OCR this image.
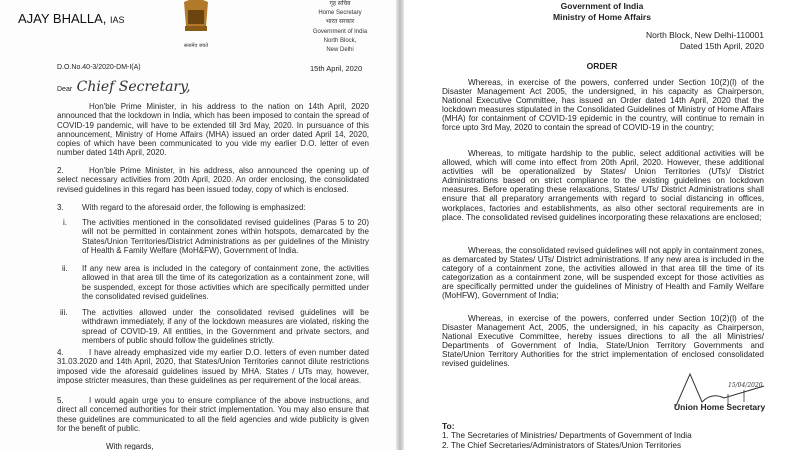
AJAY BHALLA, IAS
सत्यमेव जयते
गृह सचिव
Home Secretary
भारत सरकार
Government of India
North Block,
New Delhi
D.O.No.40-3/2020-DM-I(A)	15th April, 2020
Dear Chief Secretary,
Hon'ble Prime Minister, in his address to the nation on 14th April, 2020 announced that the lockdown in India, which has been imposed to contain the spread of COVID-19 pandemic, will have to be extended till 3rd May, 2020. In pursuance of this announcement, Ministry of Home Affairs (MHA) issued an order dated April 14, 2020, copies of which have been communicated to you vide my earlier D.O. letter of even number dated 14th April, 2020.
2.	Hon'ble Prime Minister, in his address, also announced the opening up of select necessary activities from 20th April, 2020. An order enclosing, the consolidated revised guidelines in this regard has been issued today, copy of which is enclosed.
3. With regard to the aforesaid order, the following is emphasized:
i. The activities mentioned in the consolidated revised guidelines (Paras 5 to 20) will not be permitted in containment zones within hotspots, demarcated by the States/Union Territories/District Administrations as per guidelines of the Ministry of Health & Family Welfare (MoH&FW), Government of India.
ii. If any new area is included in the category of containment zone, the activities allowed in that area till the time of its categorization as a containment zone, will be suspended, except for those activities which are specifically permitted under the consolidated revised guidelines.
iii. The activities allowed under the consolidated revised guidelines will be withdrawn immediately, if any of the lockdown measures are violated, risking the spread of COVID-19. All entities, in the Government and private sectors, and members of public should follow the guidelines strictly.
4.	I have already emphasized vide my earlier D.O. letters of even number dated 31.03.2020 and 14th April, 2020, that States/Union Territories cannot dilute restrictions imposed vide the aforesaid guidelines issued by MHA. States / UTs may, however, impose stricter measures, than these guidelines as per requirement of the local areas.
5.	I would again urge you to ensure compliance of the above instructions, and direct all concerned authorities for their strict implementation. You may also ensure that these guidelines are communicated to all the field agencies and wide publicity is given for the benefit of public.
With regards,
Government of India
Ministry of Home Affairs
North Block, New Delhi-110001
Dated 15th April, 2020
ORDER
Whereas, in exercise of the powers, conferred under Section 10(2)(l) of the Disaster Management Act 2005, the undersigned, in his capacity as Chairperson, National Executive Committee, has issued an Order dated 14th April, 2020 that the lockdown measures stipulated in the Consolidated Guidelines of Ministry of Home Affairs (MHA) for containment of COVID-19 epidemic in the country, will continue to remain in force upto 3rd May, 2020 to contain the spread of COVID-19 in the country;
Whereas, to mitigate hardship to the public, select additional activities will be allowed, which will come into effect from 20th April, 2020. However, these additional activities will be operationalized by States/ Union Territories (UTs)/ District Administrations based on strict compliance to the existing guidelines on lockdown measures. Before operating these relaxations, States/ UTs/ District Administrations shall ensure that all preparatory arrangements with regard to social distancing in offices, workplaces, factories and establishments, as also other sectoral requirements are in place. The consolidated revised guidelines incorporating these relaxations are enclosed;
Whereas, the consolidated revised guidelines will not apply in containment zones, as demarcated by States/ UTs/ District administrations. If any new area is included in the category of a containment zone, the activities allowed in that area till the time of its categorization as a containment zone, will be suspended except for those activities as are specifically permitted under the guidelines of Ministry of Health and Family Welfare (MoHFW), Government of India;
Whereas, in exercise of the powers, conferred under Section 10(2)(l) of the Disaster Management Act, 2005, the undersigned, in his capacity as Chairperson, National Executive Committee, hereby issues directions to all the all Ministries/ Departments of Government of India, State/Union Territory Governments and State/Union Territory Authorities for the strict implementation of enclosed consolidated revised guidelines.
15/04/2020
Union Home Secretary
To:
1. The Secretaries of Ministries/ Departments of Government of India
2. The Chief Secretaries/Administrators of States/Union Territories
